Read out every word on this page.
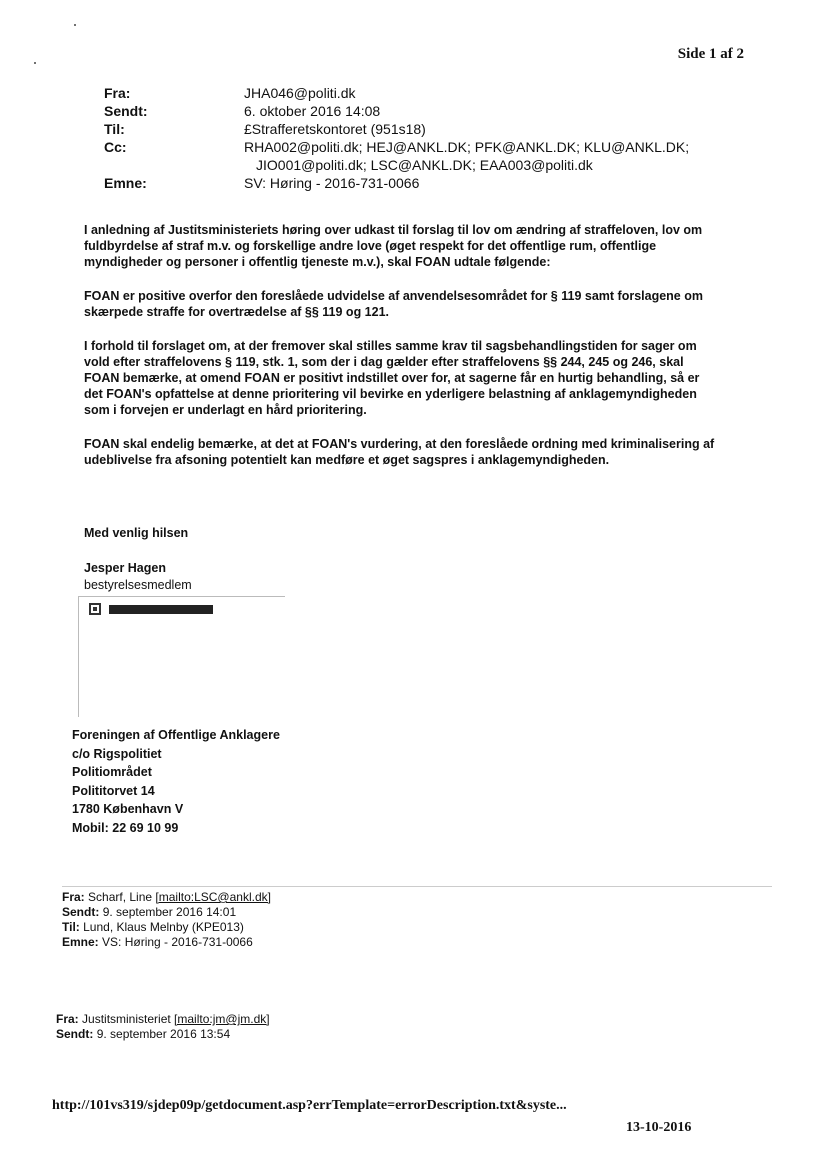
Side 1 af 2
Fra:	JHA046@politi.dk
Sendt:	6. oktober 2016 14:08
Til:	£Strafferetskontoret (951s18)
Cc:	RHA002@politi.dk; HEJ@ANKL.DK; PFK@ANKL.DK; KLU@ANKL.DK;
JIO001@politi.dk; LSC@ANKL.DK; EAA003@politi.dk
Emne:	SV: Høring - 2016-731-0066

I anledning af Justitsministeriets høring over udkast til forslag til lov om ændring af straffeloven, lov om fuldbyrdelse af straf m.v. og forskellige andre love (øget respekt for det offentlige rum, offentlige myndigheder og personer i offentlig tjeneste m.v.), skal FOAN udtale følgende:

FOAN er positive overfor den foreslåede udvidelse af anvendelsesområdet for § 119 samt forslagene om skærpede straffe for overtrædelse af §§ 119 og 121.

I forhold til forslaget om, at der fremover skal stilles samme krav til sagsbehandlingstiden for sager om vold efter straffelovens § 119, stk. 1, som der i dag gælder efter straffelovens §§ 244, 245 og 246, skal FOAN bemærke, at omend FOAN er positivt indstillet over for, at sagerne får en hurtig behandling, så er det FOAN's opfattelse at denne prioritering vil bevirke en yderligere belastning af anklagemyndigheden som i forvejen er underlagt en hård prioritering.

FOAN skal endelig bemærke, at det at FOAN's vurdering, at den foreslåede ordning med kriminalisering af udeblivelse fra afsoning potentielt kan medføre et øget sagspres i anklagemyndigheden.

Med venlig hilsen
Jesper Hagen
bestyrelsesmedlem
Foreningen af Offentlige Anklagere
c/o Rigspolitiet
Politiområdet
Polititorvet 14
1780 København V
Mobil: 22 69 10 99
Fra: Scharf, Line [mailto:LSC@ankl.dk]
Sendt: 9. september 2016 14:01
Til: Lund, Klaus Melnby (KPE013)
Emne: VS: Høring - 2016-731-0066
Fra: Justitsministeriet [mailto:jm@jm.dk]
Sendt: 9. september 2016 13:54
http://101vs319/sjdep09p/getdocument.asp?errTemplate=errorDescription.txt&syste...
13-10-2016
